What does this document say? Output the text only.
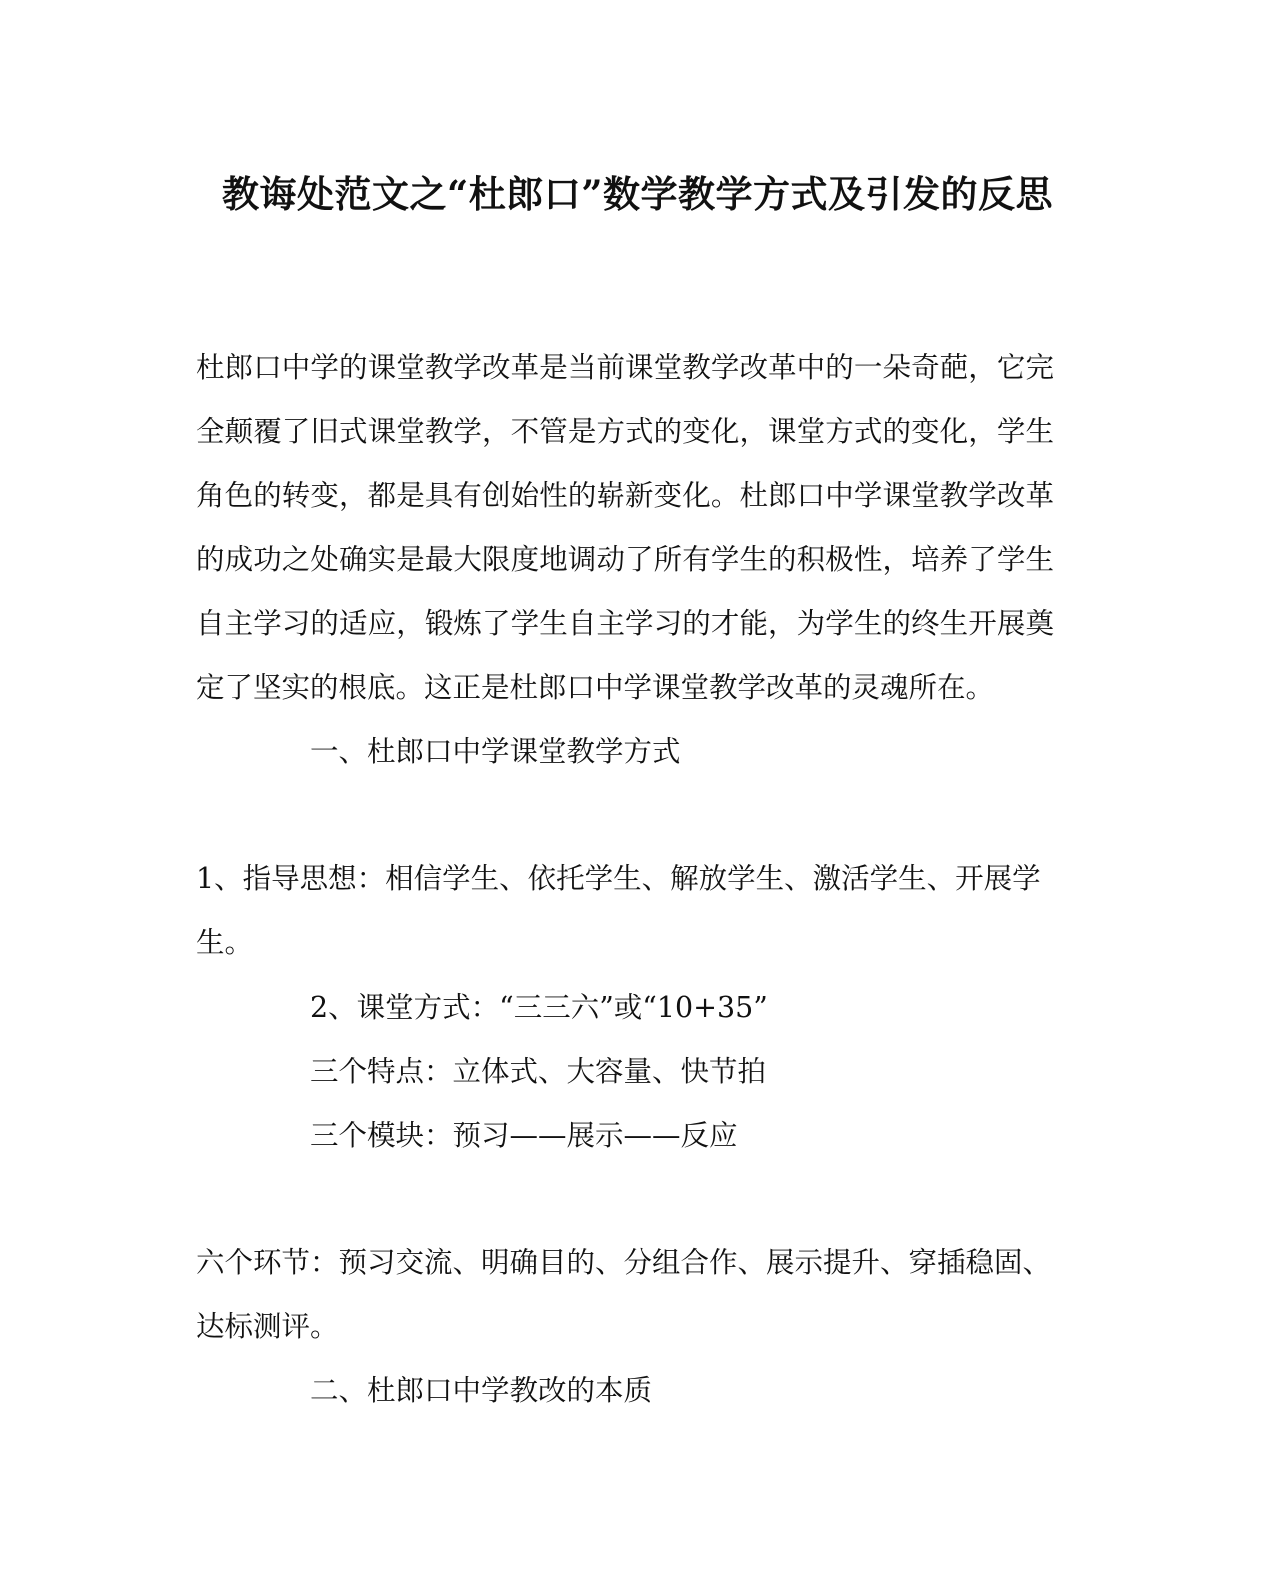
教诲处范文之“杜郎口”数学教学方式及引发的反思
杜郎口中学的课堂教学改革是当前课堂教学改革中的一朵奇葩，它完
全颠覆了旧式课堂教学，不管是方式的变化，课堂方式的变化，学生
角色的转变，都是具有创始性的崭新变化。杜郎口中学课堂教学改革
的成功之处确实是最大限度地调动了所有学生的积极性，培养了学生
自主学习的适应，锻炼了学生自主学习的才能，为学生的终生开展奠
定了坚实的根底。这正是杜郎口中学课堂教学改革的灵魂所在。
一、杜郎口中学课堂教学方式
1、指导思想：相信学生、依托学生、解放学生、激活学生、开展学
生。
2、课堂方式：“三三六”或“10+35”
三个特点：立体式、大容量、快节拍
三个模块：预习——展示——反应
六个环节：预习交流、明确目的、分组合作、展示提升、穿插稳固、
达标测评。
二、杜郎口中学教改的本质
